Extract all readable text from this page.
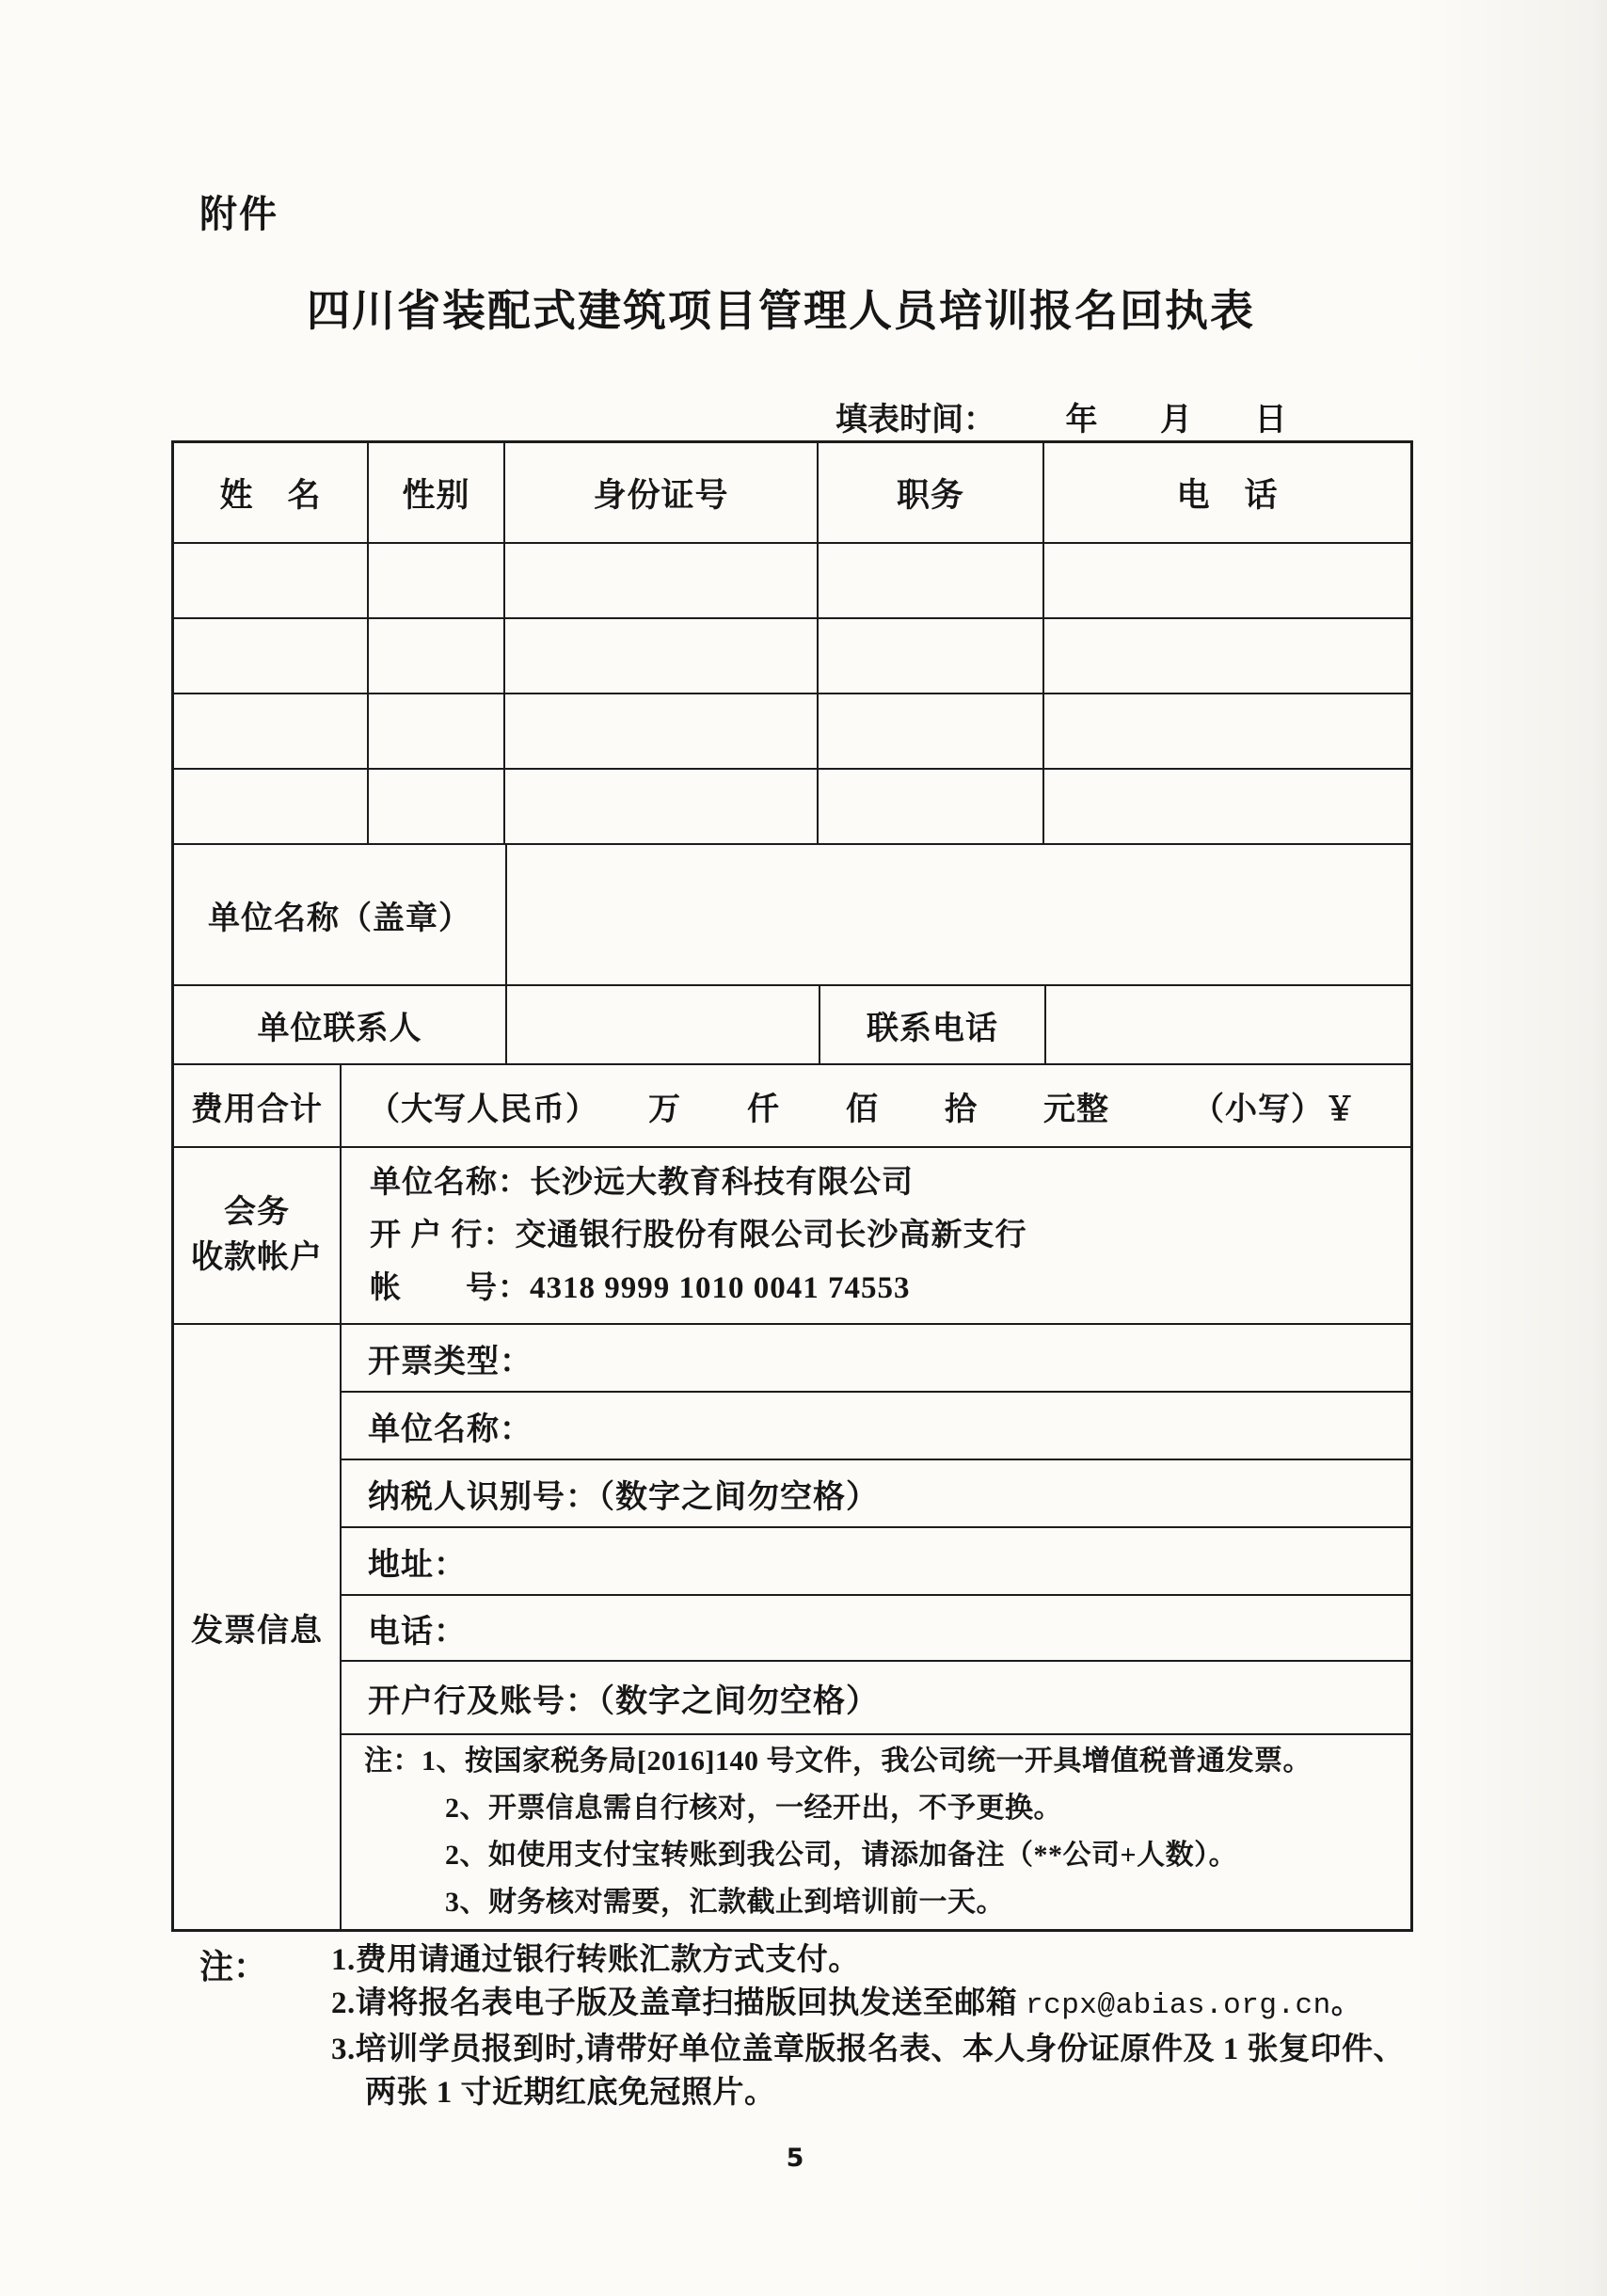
附件
四川省装配式建筑项目管理人员培训报名回执表
填表时间： 年 月 日
姓　名	性别	身份证号	职务	电　话
单位名称（盖章）
单位联系人	联系电话
费用合计	（大写人民币）　　万　　仟　　佰　　拾　　元整　　　（小写）￥
会务
收款帐户
单位名称：长沙远大教育科技有限公司
开 户 行：交通银行股份有限公司长沙高新支行
帐　　号：4318 9999 1010 0041 74553
发票信息
开票类型：
单位名称：
纳税人识别号：（数字之间勿空格）
地址：
电话：
开户行及账号：（数字之间勿空格）
注：1、按国家税务局[2016]140 号文件，我公司统一开具增值税普通发票。
2、开票信息需自行核对，一经开出，不予更换。
2、如使用支付宝转账到我公司，请添加备注（**公司+人数）。
3、财务核对需要，汇款截止到培训前一天。
注： 1.费用请通过银行转账汇款方式支付。
2.请将报名表电子版及盖章扫描版回执发送至邮箱 rcpx@abias.org.cn。
3.培训学员报到时,请带好单位盖章版报名表、本人身份证原件及 1 张复印件、两张 1 寸近期红底免冠照片。
5
